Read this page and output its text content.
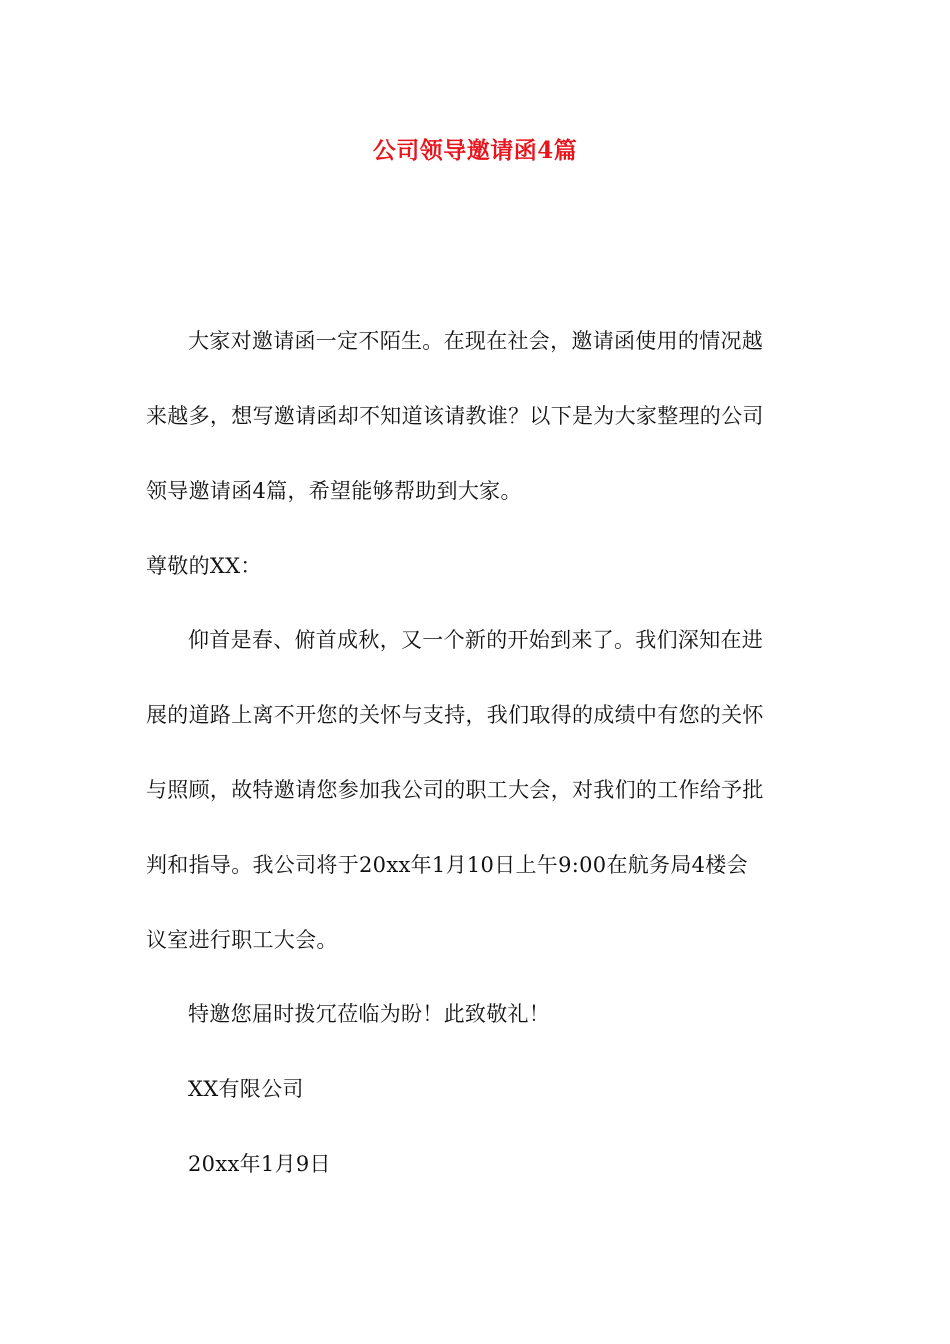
公司领导邀请函4篇
大家对邀请函一定不陌生。在现在社会，邀请函使用的情况越
来越多，想写邀请函却不知道该请教谁？以下是为大家整理的公司
领导邀请函4篇，希望能够帮助到大家。
尊敬的XX：
仰首是春、俯首成秋，又一个新的开始到来了。我们深知在进
展的道路上离不开您的关怀与支持，我们取得的成绩中有您的关怀
与照顾，故特邀请您参加我公司的职工大会，对我们的工作给予批
判和指导。我公司将于20xx年1月10日上午9:00在航务局4楼会
议室进行职工大会。
特邀您届时拨冗莅临为盼！此致敬礼！
XX有限公司
20xx年1月9日
